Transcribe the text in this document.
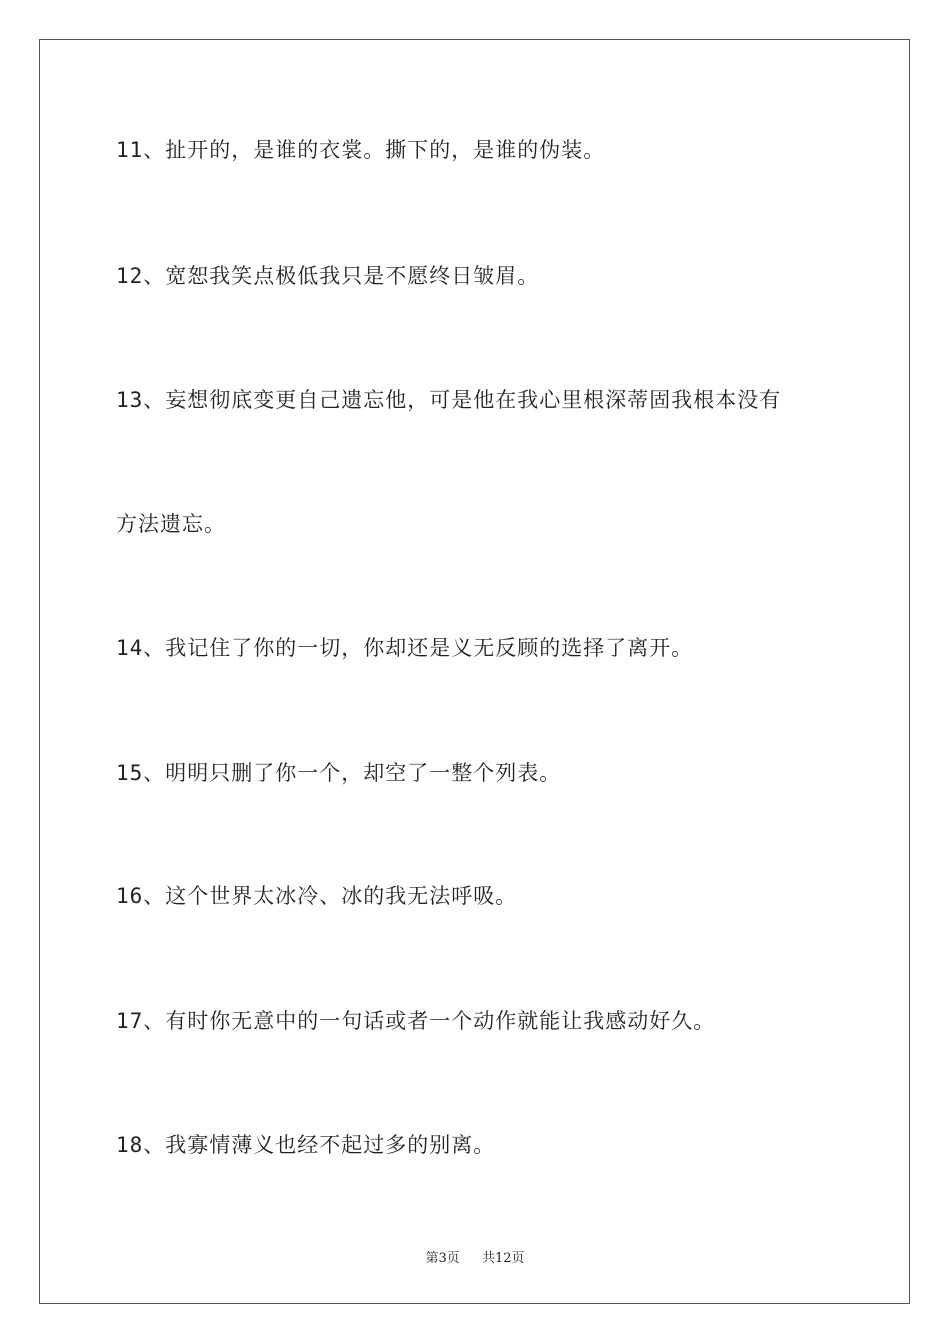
11、扯开的，是谁的衣裳。撕下的，是谁的伪装。
12、宽恕我笑点极低我只是不愿终日皱眉。
13、妄想彻底变更自己遗忘他，可是他在我心里根深蒂固我根本没有
方法遗忘。
14、我记住了你的一切，你却还是义无反顾的选择了离开。
15、明明只删了你一个，却空了一整个列表。
16、这个世界太冰冷、冰的我无法呼吸。
17、有时你无意中的一句话或者一个动作就能让我感动好久。
18、我寡情薄义也经不起过多的别离。
第3页 共12页
